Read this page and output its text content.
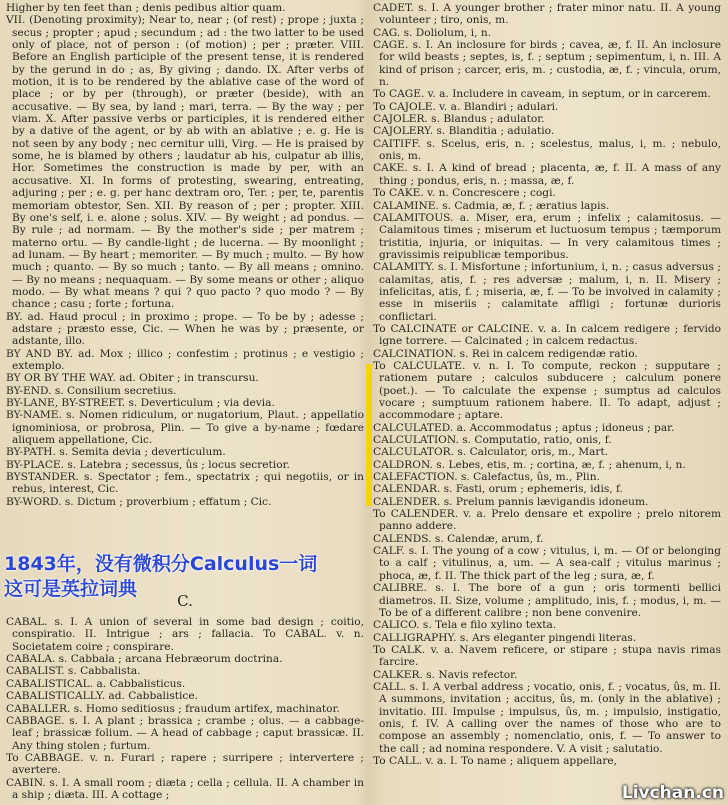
Higher by ten feet than ; denis pedibus altior quam.

VII. (Denoting proximity); Near to, near ; (of rest) ; prope ; juxta ; secus ; propter ; apud ; secundum ; ad : the two latter to be used only of place, not of person : (of motion) ; per ; præter. VIII. Before an English participle of the present tense, it is rendered by the gerund in do ; as, By giving ; dando. IX. After verbs of motion, it is to be rendered by the ablative case of the word of place ; or by per (through), or præter (beside), with an accusative. — By sea, by land ; mari, terra. — By the way ; per viam. X. After passive verbs or participles, it is rendered either by a dative of the agent, or by ab with an ablative ; e. g. He is not seen by any body ; nec cernitur ulli, Virg. — He is praised by some, he is blamed by others ; laudatur ab his, culpatur ab illis, Hor. Sometimes the construction is made by per, with an accusative. XI. In forms of protesting, swearing, entreating, adjuring ; per ; e. g. per hanc dextram oro, Ter. ; per, te, parentis memoriam obtestor, Sen. XII. By reason of ; per ; propter. XIII. By one's self, i. e. alone ; solus. XIV. — By weight ; ad pondus. — By rule ; ad normam. — By the mother's side ; per matrem ; materno ortu. — By candle-light ; de lucerna. — By moonlight ; ad lunam. — By heart ; memoriter. — By much ; multo. — By how much ; quanto. — By so much ; tanto. — By all means ; omnino. — By no means ; nequaquam. — By some means or other ; aliquo modo. — By what means ? qui ? quo pacto ? quo modo ? — By chance ; casu ; forte ; fortuna.

BY. ad. Haud procul ; in proximo ; prope. — To be by ; adesse ; adstare ; præsto esse, Cic. — When he was by ; præsente, or adstante, illo.

BY AND BY. ad. Mox ; illico ; confestim ; protinus ; e vestigio ; extemplo.

BY OR BY THE WAY. ad. Obiter ; in transcursu.

BY-END. s. Consilium secretius.

BY-LANE, BY-STREET. s. Deverticulum ; via devia.

BY-NAME. s. Nomen ridiculum, or nugatorium, Plaut. ; appellatio ignominiosa, or probrosa, Plin. — To give a by-name ; fœdare aliquem appellatione, Cic.

BY-PATH. s. Semita devia ; deverticulum.

BY-PLACE. s. Latebra ; secessus, ûs ; locus secretior.

BYSTANDER. s. Spectator ; fem., spectatrix ; qui negotiis, or in rebus, interest, Cic.

BY-WORD. s. Dictum ; proverbium ; effatum ; Cic.

C.

CABAL. s. I. A union of several in some bad design ; coitio, conspiratio. II. Intrigue ; ars ; fallacia. To CABAL. v. n. Societatem coire ; conspirare.

CABALA. s. Cabbala ; arcana Hebræorum doctrina.

CABALIST. s. Cabbalista.

CABALISTICAL. a. Cabbalisticus.

CABALISTICALLY. ad. Cabbalistice.

CABALLER. s. Homo seditiosus ; fraudum artifex, machinator.

CABBAGE. s. I. A plant ; brassica ; crambe ; olus. — a cabbage-leaf ; brassicæ folium. — A head of cabbage ; caput brassicæ. II. Any thing stolen ; furtum.

To CABBAGE. v. n. Furari ; rapere ; surripere ; intervertere ; avertere.

CABIN. s. I. A small room ; diæta ; cella ; cellula. II. A chamber in a ship ; diæta. III. A cottage ;

CADET. s. I. A younger brother ; frater minor natu. II. A young volunteer ; tiro, onis, m.

CAG. s. Doliolum, i, n.

CAGE. s. I. An inclosure for birds ; cavea, æ, f. II. An inclosure for wild beasts ; septes, is, f. ; septum ; sepimentum, i, n. III. A kind of prison ; carcer, eris, m. ; custodia, æ, f. ; vincula, orum, n.

To CAGE. v. a. Includere in caveam, in septum, or in carcerem.

To CAJOLE. v. a. Blandiri ; adulari.

CAJOLER. s. Blandus ; adulator.

CAJOLERY. s. Blanditia ; adulatio.

CAITIFF. s. Scelus, eris, n. ; scelestus, malus, i, m. ; nebulo, onis, m.

CAKE. s. I. A kind of bread ; placenta, æ, f. II. A mass of any thing ; pondus, eris, n. ; massa, æ, f.

To CAKE. v. n. Concrescere ; cogi.

CALAMINE. s. Cadmia, æ, f. ; æratius lapis.

CALAMITOUS. a. Miser, era, erum ; infelix ; calamitosus. — Calamitous times ; miserum et luctuosum tempus ; tæmporum tristitia, injuria, or iniquitas. — In very calamitous times ; gravissimis reipublicæ temporibus.

CALAMITY. s. I. Misfortune ; infortunium, i, n. ; casus adversus ; calamitas, atis, f. ; res adversæ ; malum, i, n. II. Misery ; infelicitas, atis, f. ; miseria, æ, f. — To be involved in calamity ; esse in miseriis ; calamitate affligi ; fortunæ durioris conflictari.

To CALCINATE or CALCINE. v. a. In calcem redigere ; fervido igne torrere. — Calcinated ; in calcem redactus.

CALCINATION. s. Rei in calcem redigendæ ratio.

To CALCULATE. v. n. I. To compute, reckon ; supputare ; rationem putare ; calculos subducere ; calculum ponere (poet.). — To calculate the expense ; sumptus ad calculos vocare ; sumptuum rationem habere. II. To adapt, adjust ; accommodare ; aptare.

CALCULATED. a. Accommodatus ; aptus ; idoneus ; par.

CALCULATION. s. Computatio, ratio, onis, f.

CALCULATOR. s. Calculator, oris, m., Mart.

CALDRON. s. Lebes, etis, m. ; cortina, æ, f. ; ahenum, i, n.

CALEFACTION. s. Calefactus, ûs, m., Plin.

CALENDAR. s. Fasti, orum ; ephemeris, idis, f.

CALENDER. s. Prelum pannis lævigandis idoneum.

To CALENDER. v. a. Prelo densare et expolire ; prelo nitorem panno addere.

CALENDS. s. Calendæ, arum, f.

CALF. s. I. The young of a cow ; vitulus, i, m. — Of or belonging to a calf ; vitulinus, a, um. — A sea-calf ; vitulus marinus ; phoca, æ, f. II. The thick part of the leg ; sura, æ, f.

CALIBRE. s. I. The bore of a gun ; oris tormenti bellici diametros. II. Size, volume ; amplitudo, inis, f. ; modus, i, m. — To be of a different calibre ; non bene convenire.

CALICO. s. Tela e filo xylino texta.

CALLIGRAPHY. s. Ars eleganter pingendi literas.

To CALK. v. a. Navem reficere, or stipare ; stupa navis rimas farcire.

CALKER. s. Navis refector.

CALL. s. I. A verbal address ; vocatio, onis, f. ; vocatus, ûs, m. II. A summons, invitation ; accitus, ûs, m. (only in the ablative) ; invitatio. III. Impulse ; impulsus, ûs, m. ; impulsio, instigatio, onis, f. IV. A calling over the names of those who are to compose an assembly ; nomenclatio, onis, f. — To answer to the call ; ad nomina respondere. V. A visit ; salutatio.

To CALL. v. a. I. To name ; aliquem appellare,

1843年，没有微积分Calculus一词
这可是英拉词典
Livchan.cn
